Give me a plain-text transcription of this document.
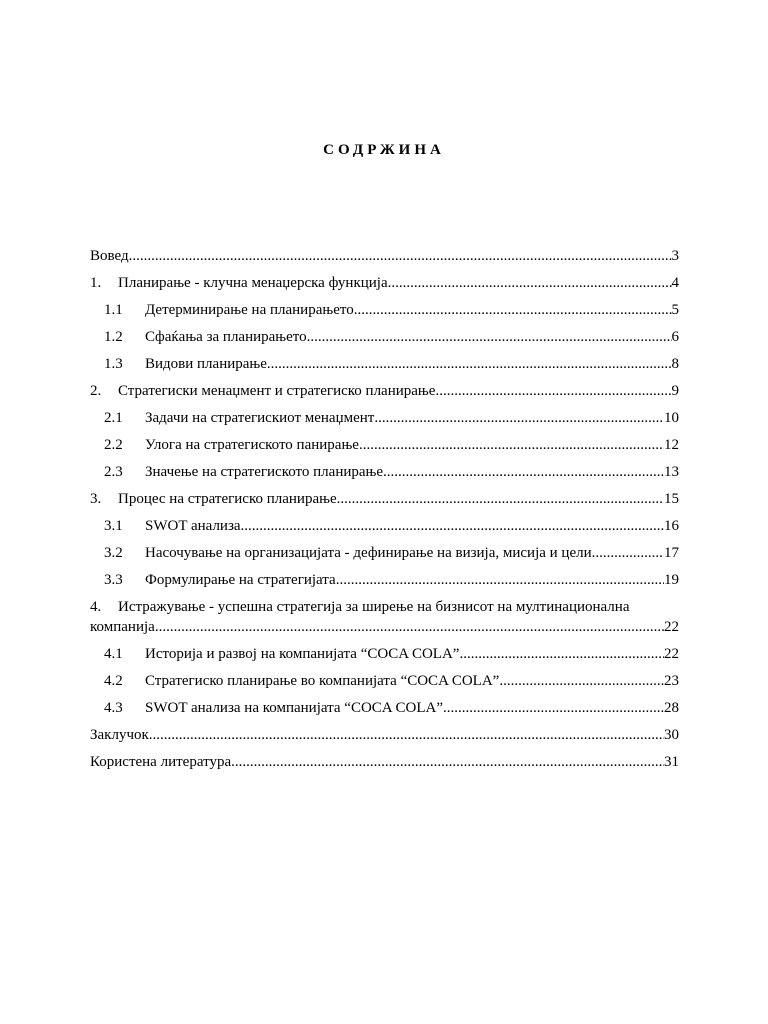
СОДРЖИНА
Вовед .....	3
1.	Планирање - клучна менаџерска функција .....	4
1.1	Детерминирање на планирањето .....	5
1.2	Сфаќања за планирањето .....	6
1.3	Видови планирање .....	8
2.	Стратегиски менаџмент и стратегиско планирање .....	9
2.1	Задачи на стратегискиот менаџмент .....	10
2.2	Улога на стратегиското панирање .....	12
2.3	Значење на стратегиското планирање .....	13
3.	Процес на стратегиско планирање .....	15
3.1	SWOT анализа .....	16
3.2	Насочување на организацијата - дефинирање на визија, мисија и цели .....	17
3.3	Формулирање на стратегијата .....	19
4. Истражување - успешна стратегија за ширење на бизнисот на мултинационална
компанија .....	22
4.1	Историја и развој на компанијата “COCA COLA” .....	22
4.2	Стратегиско планирање во компанијата “COCA COLA” .....	23
4.3	SWOT анализа на компанијата “COCA COLA” .....	28
Заклучок .....	30
Користена литература .....	31
